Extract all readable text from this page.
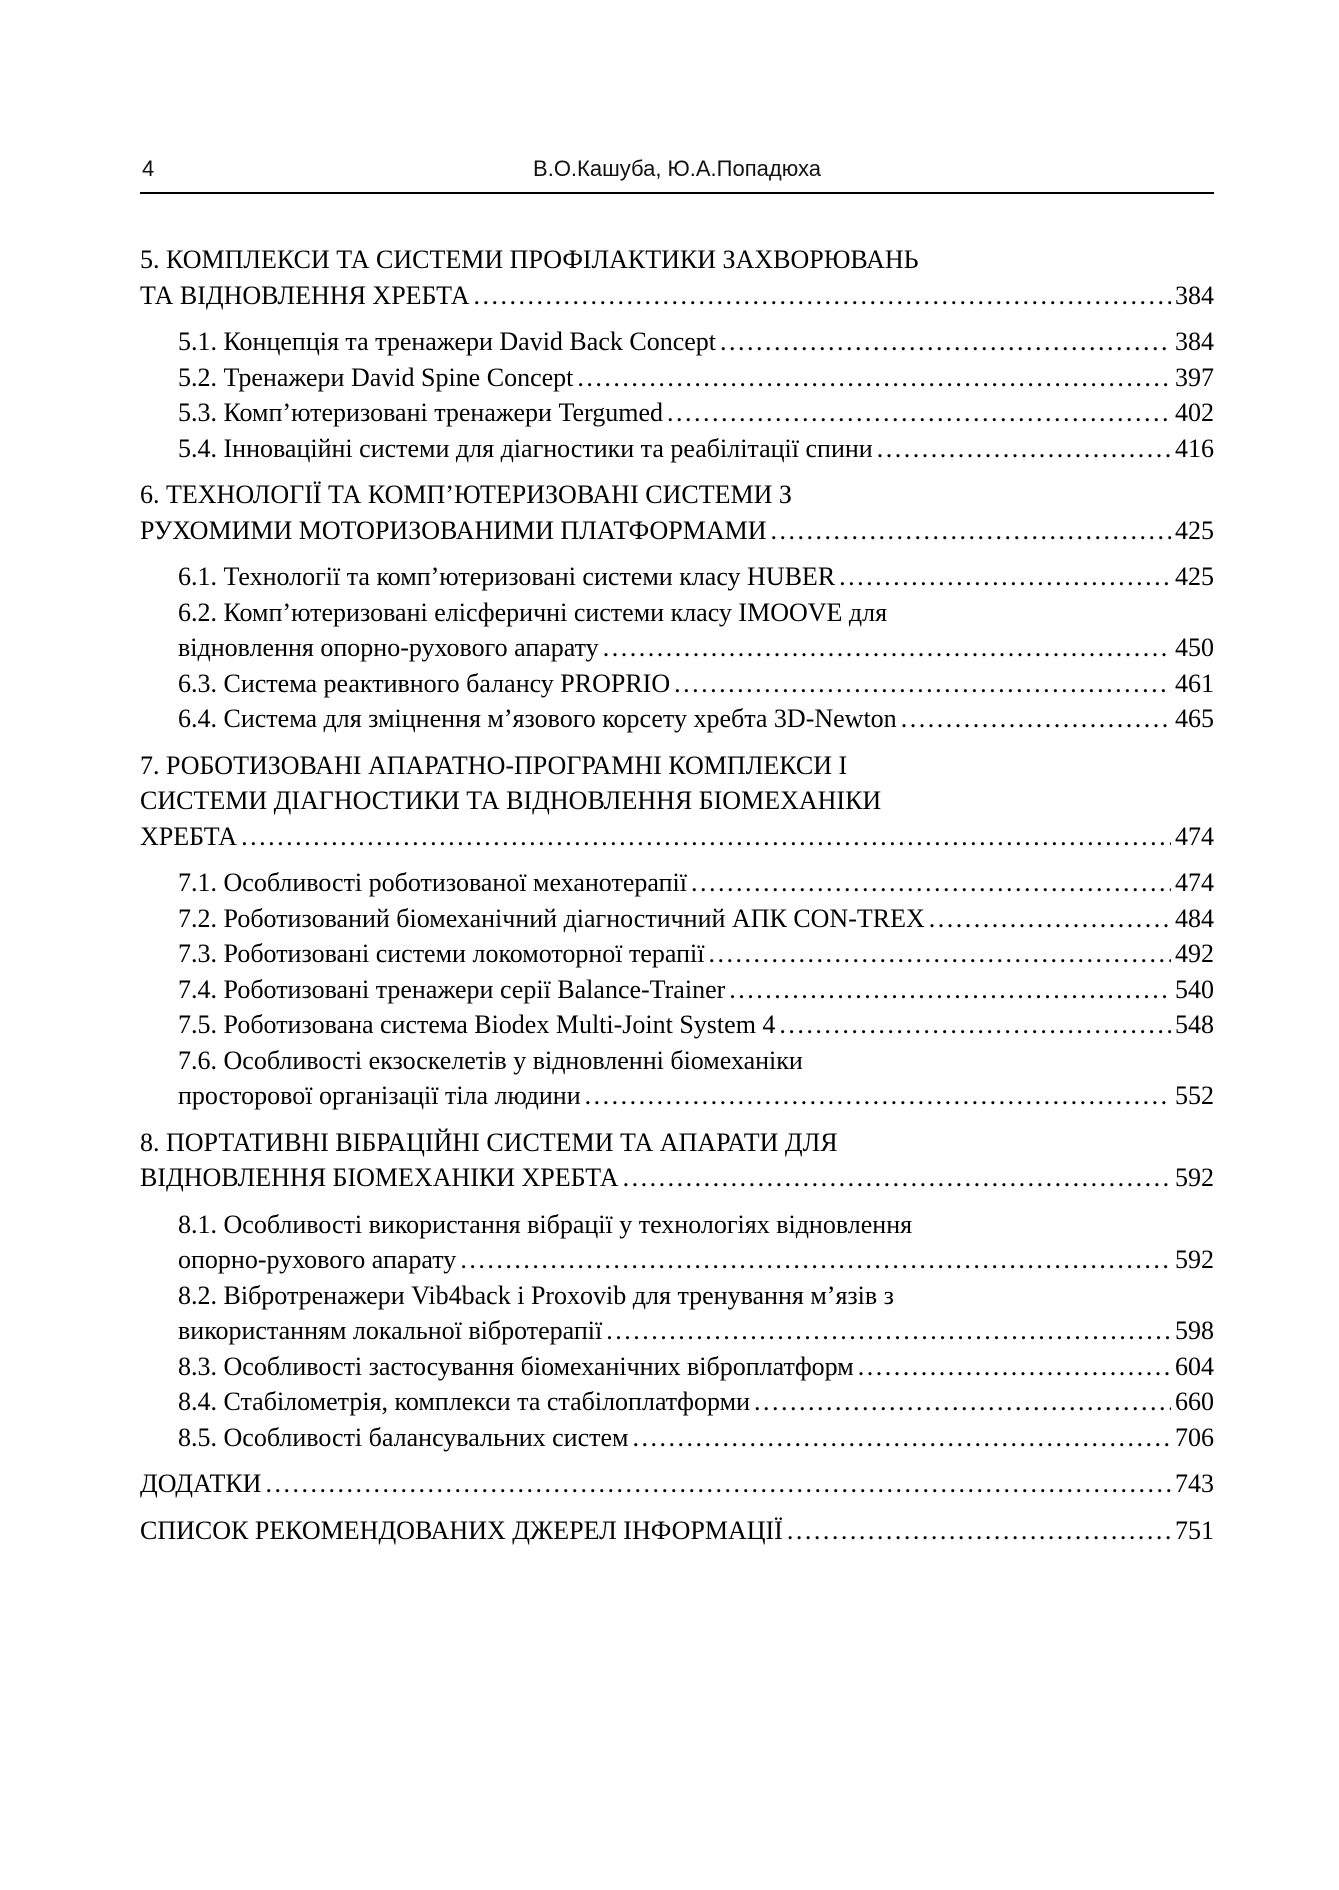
4	В.О.Кашуба, Ю.А.Попадюха
5. КОМПЛЕКСИ ТА СИСТЕМИ ПРОФІЛАКТИКИ ЗАХВОРЮВАНЬ
ТА ВІДНОВЛЕННЯ ХРЕБТА . . .	384
5.1. Концепція та тренажери David Back Concept . . .	384
5.2. Тренажери David Spine Concept . . .	397
5.3. Комп’ютеризовані тренажери Tergumed . . .	402
5.4. Інноваційні системи для діагностики та реабілітації спини . . .	416
6. ТЕХНОЛОГІЇ ТА КОМП’ЮТЕРИЗОВАНІ СИСТЕМИ З
РУХОМИМИ МОТОРИЗОВАНИМИ ПЛАТФОРМАМИ . . .	425
6.1. Технології та комп’ютеризовані системи класу HUBER . . .	425
6.2. Комп’ютеризовані елісферичні системи класу IMOOVE для
відновлення опорно-рухового апарату . . .	450
6.3. Система реактивного балансу PROPRIO . . .	461
6.4. Система для зміцнення м’язового корсету хребта 3D-Newton . . .	465
7. РОБОТИЗОВАНІ АПАРАТНО-ПРОГРАМНІ КОМПЛЕКСИ І
СИСТЕМИ ДІАГНОСТИКИ ТА ВІДНОВЛЕННЯ БІОМЕХАНІКИ
ХРЕБТА . . .	474
7.1. Особливості роботизованої механотерапії . . .	474
7.2. Роботизований біомеханічний діагностичний АПК CON-TREX . . .	484
7.3. Роботизовані системи локомоторної терапії . . .	492
7.4. Роботизовані тренажери серії Balance-Trainer . . .	540
7.5. Роботизована система Biodex Multi-Joint System 4 . . .	548
7.6. Особливості екзоскелетів у відновленні біомеханіки
просторової організації тіла людини . . .	552
8. ПОРТАТИВНІ ВІБРАЦІЙНІ СИСТЕМИ ТА АПАРАТИ ДЛЯ
ВІДНОВЛЕННЯ БІОМЕХАНІКИ ХРЕБТА . . .	592
8.1. Особливості використання вібрації у технологіях відновлення
опорно-рухового апарату . . .	592
8.2. Вібротренажери Vib4back і Proxovib для тренування м’язів з
використанням локальної вібротерапії . . .	598
8.3. Особливості застосування біомеханічних віброплатформ . . .	604
8.4. Стабілометрія, комплекси та стабілоплатформи . . .	660
8.5. Особливості балансувальних систем . . .	706
ДОДАТКИ . . .	743
СПИСОК РЕКОМЕНДОВАНИХ ДЖЕРЕЛ ІНФОРМАЦІЇ . . .	751
